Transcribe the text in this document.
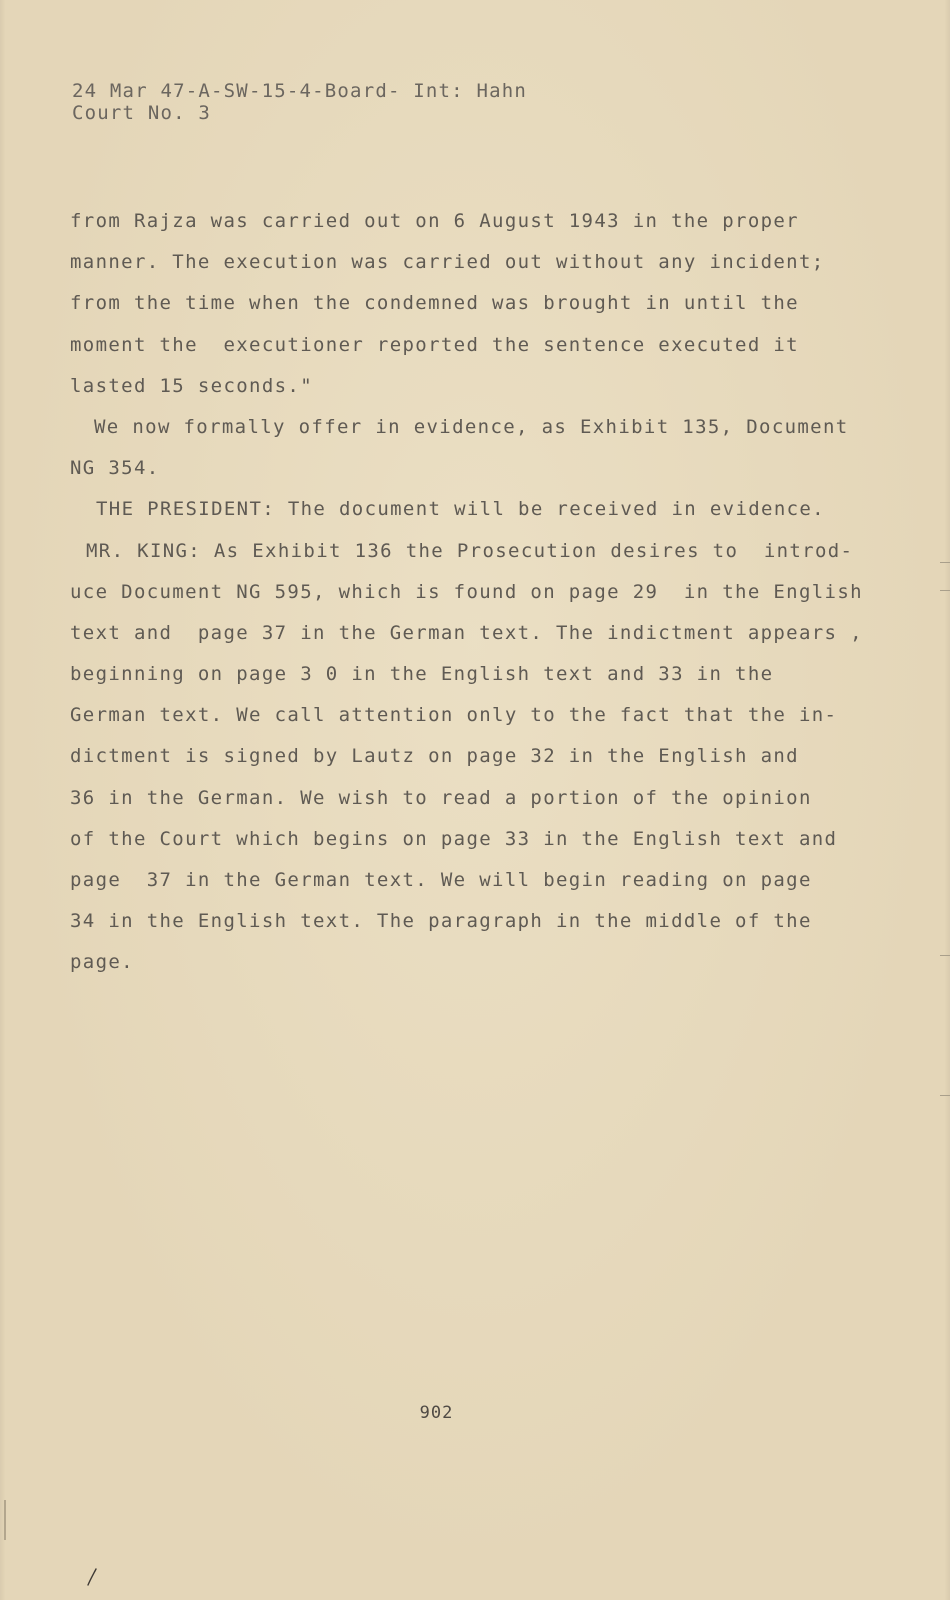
24 Mar 47-A-SW-15-4-Board- Int: Hahn
Court No. 3
from Rajza was carried out on 6 August 1943 in the proper
manner. The execution was carried out without any incident;
from the time when the condemned was brought in until the
moment the  executioner reported the sentence executed it
lasted 15 seconds."
We now formally offer in evidence, as Exhibit 135, Document
NG 354.
THE PRESIDENT: The document will be received in evidence.
MR. KING: As Exhibit 136 the Prosecution desires to  introd-
uce Document NG 595, which is found on page 29  in the English
text and  page 37 in the German text. The indictment appears ,
beginning on page 3 0 in the English text and 33 in the
German text. We call attention only to the fact that the in-
dictment is signed by Lautz on page 32 in the English and
36 in the German. We wish to read a portion of the opinion
of the Court which begins on page 33 in the English text and
page  37 in the German text. We will begin reading on page
34 in the English text. The paragraph in the middle of the
page.
902
